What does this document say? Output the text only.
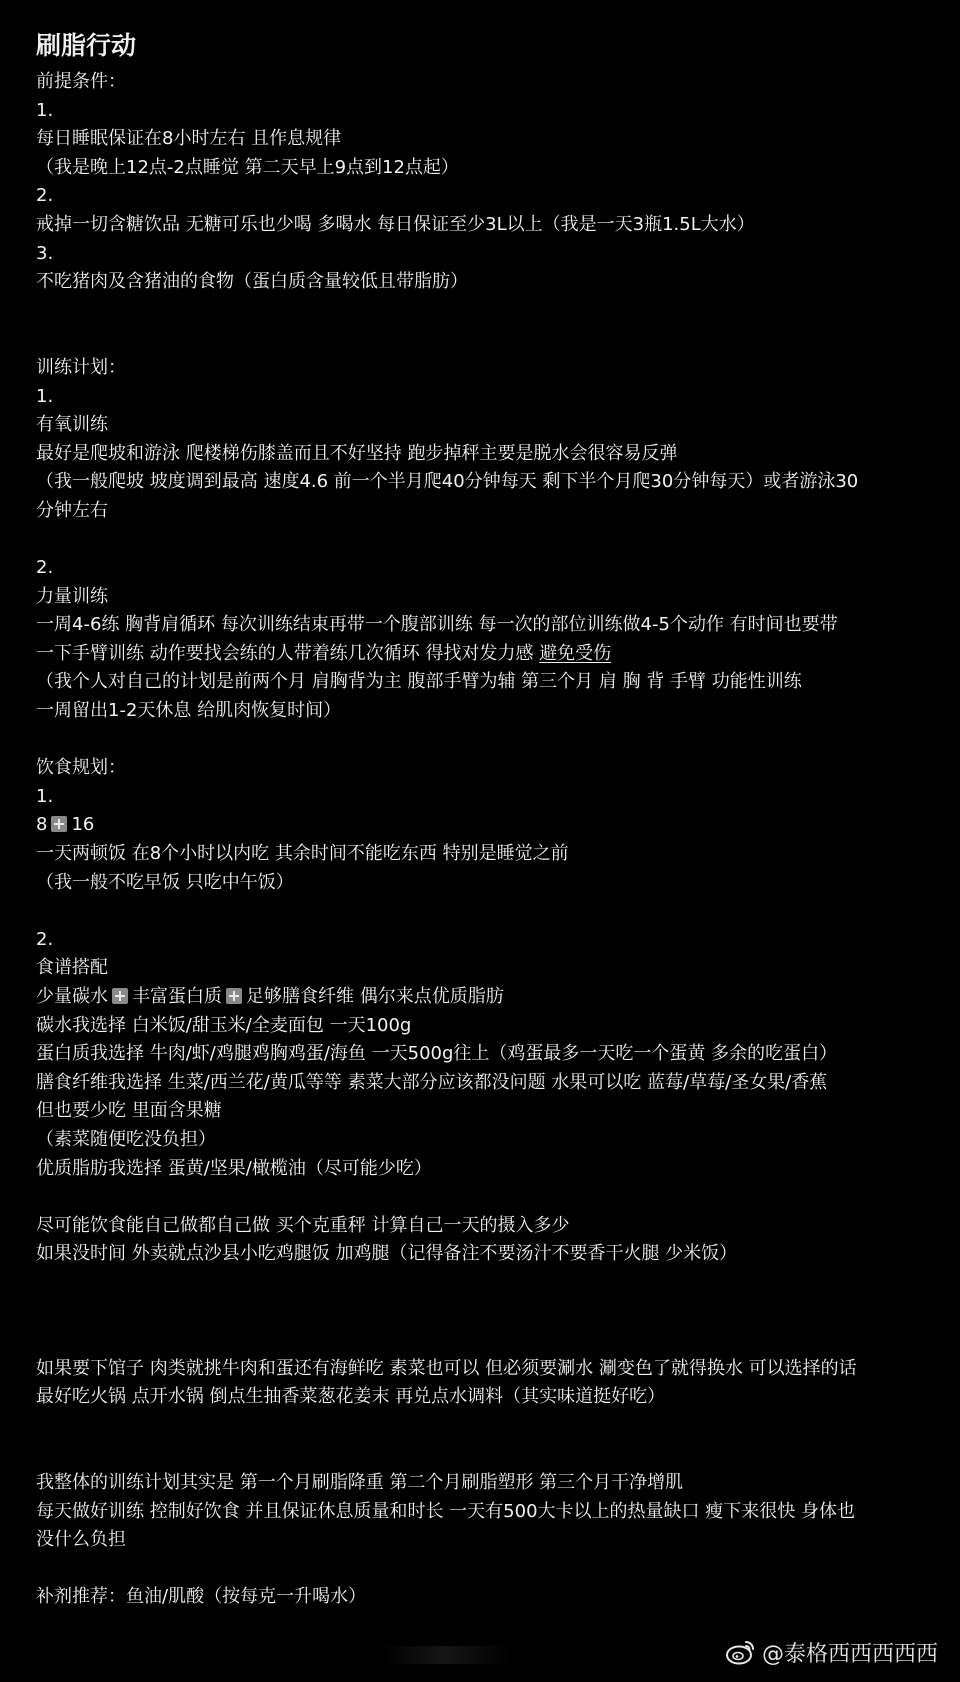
刷脂行动
前提条件：
1.
每日睡眠保证在8小时左右 且作息规律
（我是晚上12点-2点睡觉 第二天早上9点到12点起）
2.
戒掉一切含糖饮品 无糖可乐也少喝 多喝水 每日保证至少3L以上（我是一天3瓶1.5L大水）
3.
不吃猪肉及含猪油的食物（蛋白质含量较低且带脂肪）
训练计划：
1.
有氧训练
最好是爬坡和游泳 爬楼梯伤膝盖而且不好坚持 跑步掉秤主要是脱水会很容易反弹
（我一般爬坡 坡度调到最高 速度4.6 前一个半月爬40分钟每天 剩下半个月爬30分钟每天）或者游泳30
分钟左右
2.
力量训练
一周4-6练 胸背肩循环 每次训练结束再带一个腹部训练 每一次的部位训练做4-5个动作 有时间也要带
一下手臂训练 动作要找会练的人带着练几次循环 得找对发力感 避免受伤
（我个人对自己的计划是前两个月 肩胸背为主 腹部手臂为辅 第三个月 肩 胸 背 手臂 功能性训练
一周留出1-2天休息 给肌肉恢复时间）
饮食规划：
1.
8 16
一天两顿饭 在8个小时以内吃 其余时间不能吃东西 特别是睡觉之前
（我一般不吃早饭 只吃中午饭）
2.
食谱搭配
少量碳水 丰富蛋白质 足够膳食纤维 偶尔来点优质脂肪
碳水我选择 白米饭/甜玉米/全麦面包 一天100g
蛋白质我选择 牛肉/虾/鸡腿鸡胸鸡蛋/海鱼 一天500g往上（鸡蛋最多一天吃一个蛋黄 多余的吃蛋白）
膳食纤维我选择 生菜/西兰花/黄瓜等等 素菜大部分应该都没问题 水果可以吃 蓝莓/草莓/圣女果/香蕉
但也要少吃 里面含果糖
（素菜随便吃没负担）
优质脂肪我选择 蛋黄/坚果/橄榄油（尽可能少吃）
尽可能饮食能自己做都自己做 买个克重秤 计算自己一天的摄入多少
如果没时间 外卖就点沙县小吃鸡腿饭 加鸡腿（记得备注不要汤汁不要香干火腿 少米饭）
如果要下馆子 肉类就挑牛肉和蛋还有海鲜吃 素菜也可以 但必须要涮水 涮变色了就得换水 可以选择的话
最好吃火锅 点开水锅 倒点生抽香菜葱花姜末 再兑点水调料（其实味道挺好吃）
我整体的训练计划其实是 第一个月刷脂降重 第二个月刷脂塑形 第三个月干净增肌
每天做好训练 控制好饮食 并且保证休息质量和时长 一天有500大卡以上的热量缺口 瘦下来很快 身体也
没什么负担
补剂推荐：鱼油/肌酸（按每克一升喝水）
@泰格西西西西西
